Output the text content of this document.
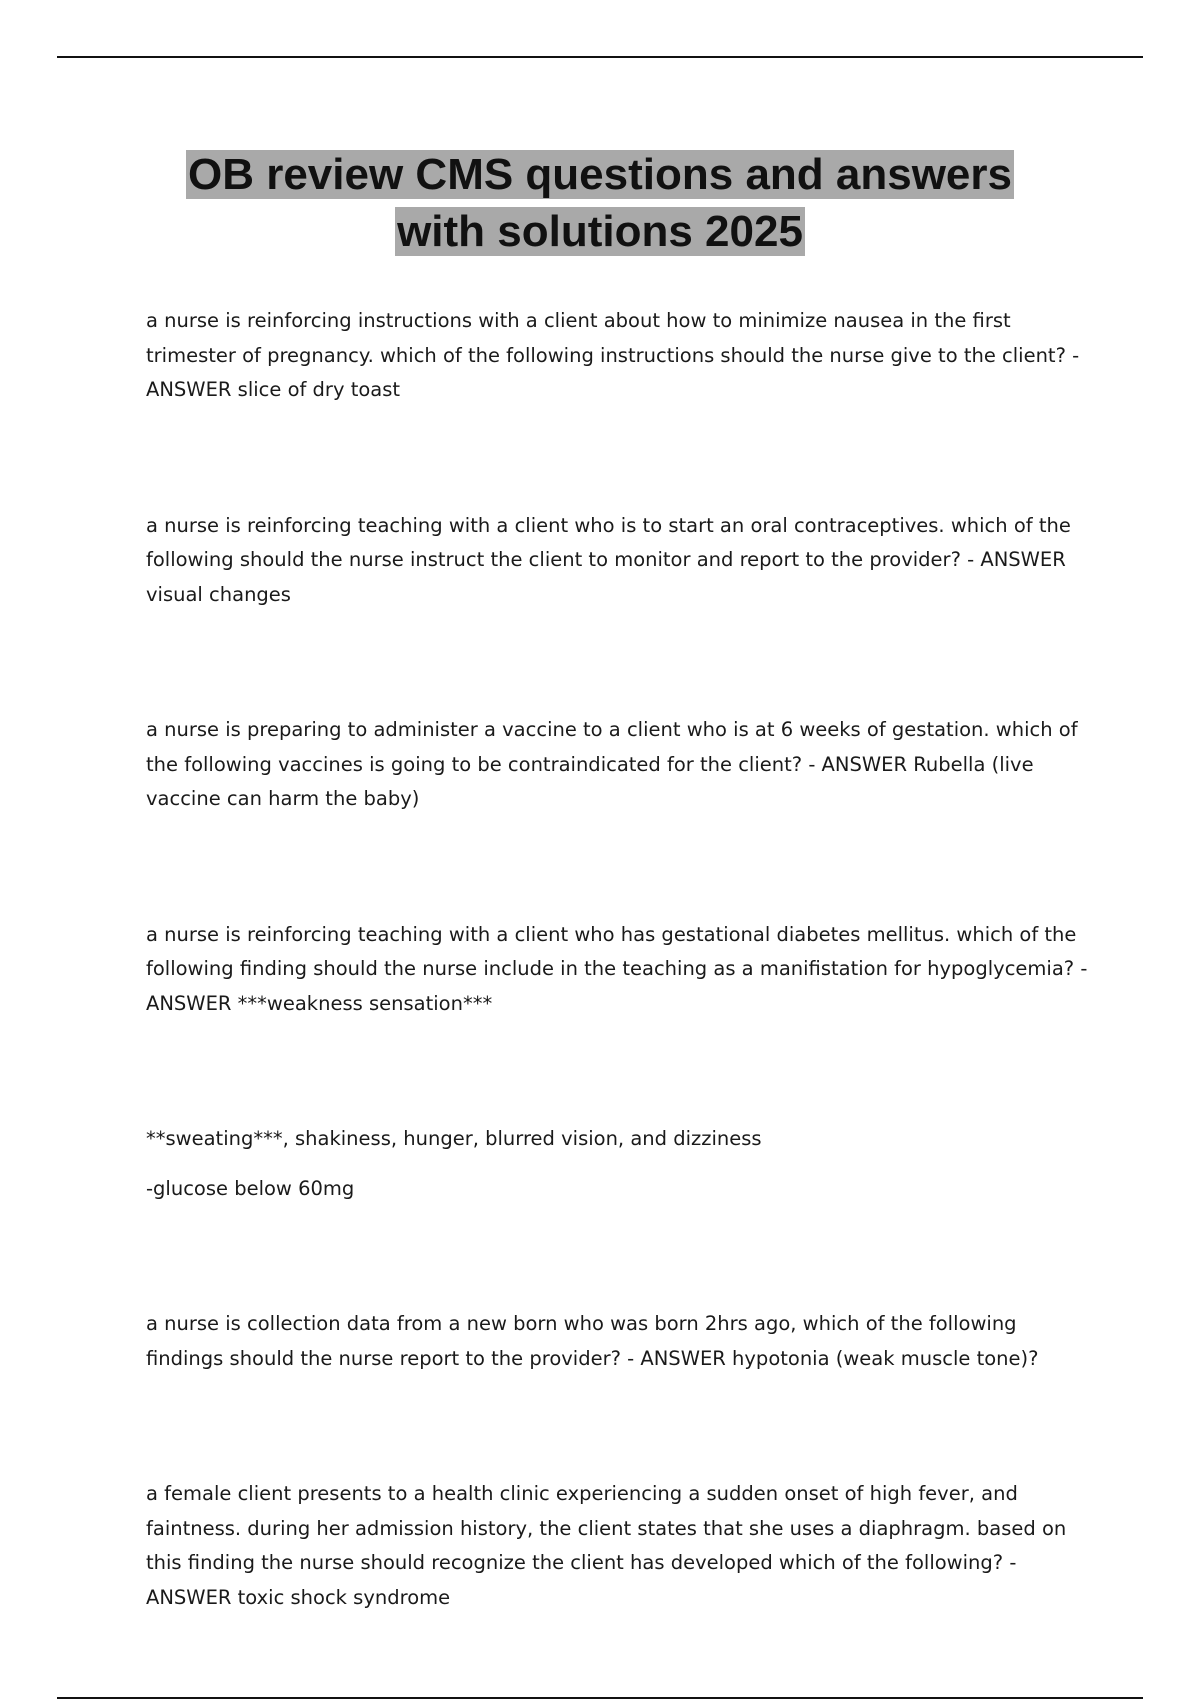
OB review CMS questions and answers
with solutions 2025

a nurse is reinforcing instructions with a client about how to minimize nausea in the first trimester of pregnancy. which of the following instructions should the nurse give to the client? - ANSWER slice of dry toast

a nurse is reinforcing teaching with a client who is to start an oral contraceptives. which of the following should the nurse instruct the client to monitor and report to the provider? - ANSWER visual changes

a nurse is preparing to administer a vaccine to a client who is at 6 weeks of gestation. which of the following vaccines is going to be contraindicated for the client? - ANSWER Rubella (live vaccine can harm the baby)

a nurse is reinforcing teaching with a client who has gestational diabetes mellitus. which of the following finding should the nurse include in the teaching as a manifistation for hypoglycemia? - ANSWER ***weakness sensation***

**sweating***, shakiness, hunger, blurred vision, and dizziness

-glucose below 60mg

a nurse is collection data from a new born who was born 2hrs ago, which of the following findings should the nurse report to the provider? - ANSWER hypotonia (weak muscle tone)?

a female client presents to a health clinic experiencing a sudden onset of high fever, and faintness. during her admission history, the client states that she uses a diaphragm. based on this finding the nurse should recognize the client has developed which of the following? - ANSWER toxic shock syndrome
